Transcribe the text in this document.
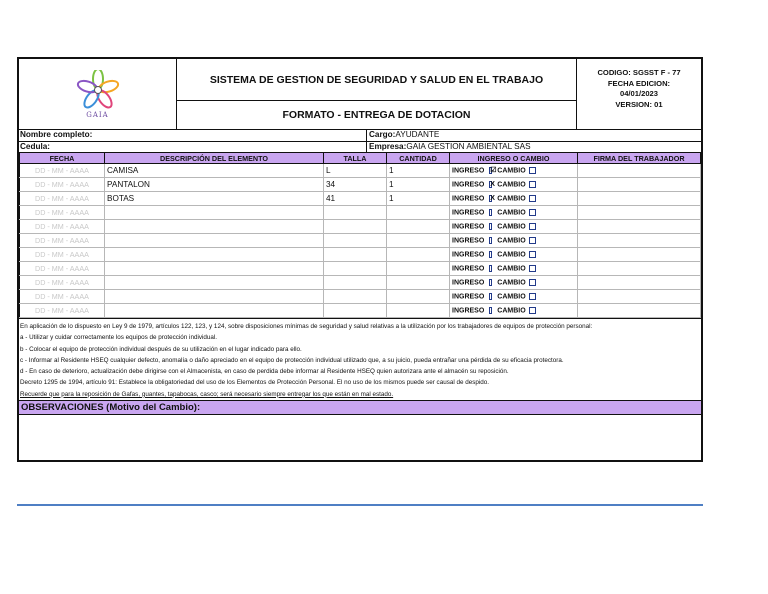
GAIA
SISTEMA DE GESTION DE SEGURIDAD Y SALUD EN EL TRABAJO
FORMATO - ENTREGA DE DOTACION
CODIGO: SGSST F - 77
FECHA EDICION:
04/01/2023
VERSION: 01
Nombre completo:	Cargo:AYUDANTE
Cedula:	Empresa:GAIA GESTION AMBIENTAL SAS
FECHA	DESCRIPCIÓN DEL ELEMENTO	TALLA	CANTIDAD	INGRESO O CAMBIO	FIRMA DEL TRABAJADOR
DD - MM - AAAA	CAMISA	L	1	INGRESO ☑CAMBIO	
DD - MM - AAAA	PANTALON	34	1	INGRESO X CAMBIO	
DD - MM - AAAA	BOTAS	41	1	INGRESO X CAMBIO	
DD - MM - AAAA				INGRESO CAMBIO	
DD - MM - AAAA				INGRESO CAMBIO	
DD - MM - AAAA				INGRESO CAMBIO	
DD - MM - AAAA				INGRESO CAMBIO	
DD - MM - AAAA				INGRESO CAMBIO	
DD - MM - AAAA				INGRESO CAMBIO	
DD - MM - AAAA				INGRESO CAMBIO	
DD - MM - AAAA				INGRESO CAMBIO	

En aplicación de lo dispuesto en Ley 9 de 1979, artículos 122, 123, y 124, sobre disposiciones mínimas de seguridad y salud relativas a la utilización por los trabajadores de equipos de protección personal:

a - Utilizar y cuidar correctamente los equipos de protección individual.

b - Colocar el equipo de protección individual después de su utilización en el lugar indicado para ello.

c - Informar al Residente HSEQ cualquier defecto, anomalía o daño apreciado en el equipo de protección individual utilizado que, a su juicio, pueda entrañar una pérdida de su eficacia protectora.

d - En caso de deterioro, actualización debe dirigirse con el Almacenista, en caso de perdida debe informar al Residente HSEQ quien autorizara ante el almacén su reposición.

Decreto 1295 de 1994, artículo 91: Establece la obligatoriedad del uso de los Elementos de Protección Personal. El no uso de los mismos puede ser causal de despido.

Recuerde que para la reposición de Gafas, guantes, tapabocas, casco; será necesario siempre entregar los que están en mal estado.

OBSERVACIONES (Motivo del Cambio):
